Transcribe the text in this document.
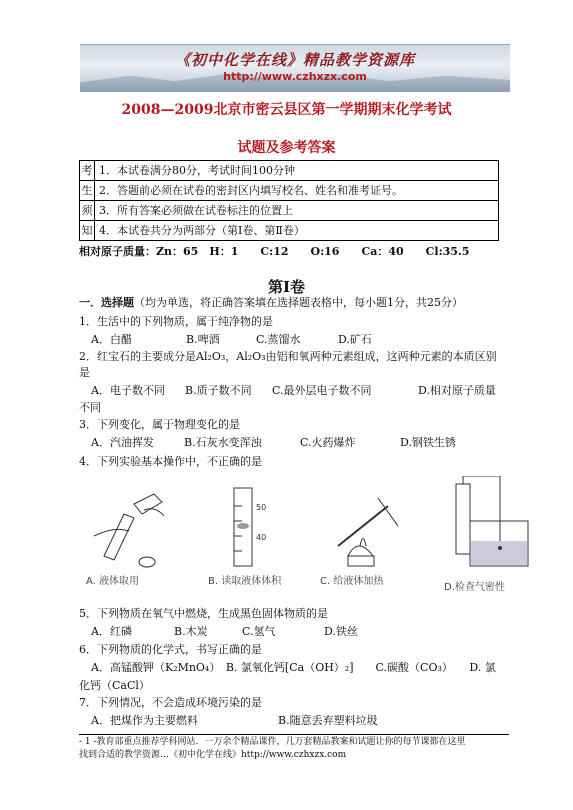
《初中化学在线》精品教学资源库
http://www.czhxzx.com
2008—2009北京市密云县区第一学期期末化学考试
试题及参考答案
考	1．本试卷满分80分，考试时间100分钟
生	2．答题前必须在试卷的密封区内填写校名、姓名和准考证号。
须	3．所有答案必须做在试卷标注的位置上
知	4．本试卷共分为两部分（第Ⅰ卷、第Ⅱ卷）
相对原子质量：Zn：65　H：1　　C:12　　O:16　　Ca：40　　Cl:35.5
第Ⅰ卷
一．选择题（均为单选，将正确答案填在选择题表格中，每小题1分，共25分）
1．生活中的下列物质，属于纯净物的是
A．白醋	B.啤酒	C.蒸馏水	D.矿石
2．红宝石的主要成分是Al₂O₃，Al₂O₃由铝和氧两种元素组成，这两种元素的本质区别
是
A．电子数不同 B.质子数不同 C.最外层电子数不同	D.相对原子质量
不同
3．下列变化，属于物理变化的是
A．汽油挥发	B.石灰水变浑浊	C.火药爆炸	D.钢铁生锈
4．下列实验基本操作中，不正确的是
50
40
A. 液体取用	B. 读取液体体积	C. 给液体加热
D.检查气密性
5．下列物质在氧气中燃烧，生成黑色固体物质的是
A．红磷	B.木炭	C.氢气	D.铁丝
6．下列物质的化学式，书写正确的是
A．高锰酸钾（K₂MnO₄）　B. 氯氧化钙[Ca（OH）₂]　　C.碳酸（CO₃）　　D. 氯
化钙（CaCl）
7．下列情况，不会造成环境污染的是
A．把煤作为主要燃料	B.随意丢弃塑料垃圾
- 1 -教育部重点推荐学科网站．一万余个精品课件，几万套精品教案和试题让你的每节课都在这里
找到合适的教学资源…《初中化学在线》http://www.czhxzx.com
